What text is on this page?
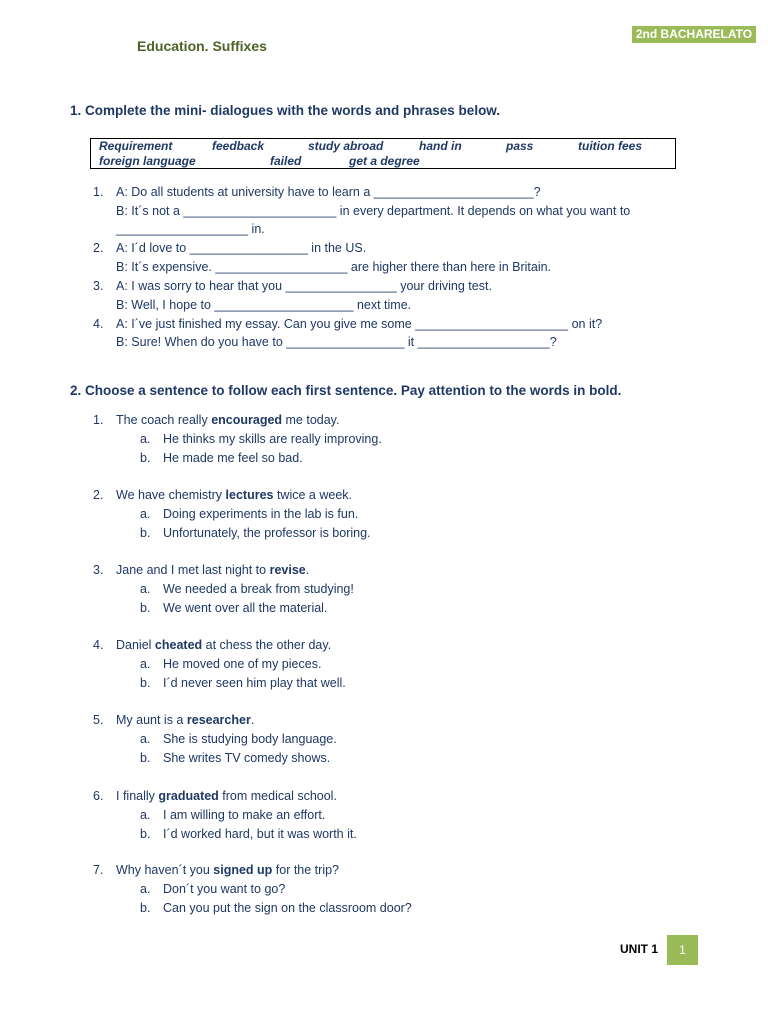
2nd BACHARELATO
Education. Suffixes
1. Complete the mini- dialogues with the words and phrases below.
Requirement	feedback	study abroad	hand in	pass	tuition fees
foreign language	failed	get a degree
1. A: Do all students at university have to learn a _______________________?
B: It´s not a ______________________ in every department. It depends on what you want to
___________________ in.
2. A: I´d love to _________________ in the US.
B: It´s expensive. ___________________ are higher there than here in Britain.
3. A: I was sorry to hear that you ________________ your driving test.
B: Well, I hope to ____________________ next time.
4. A: I´ve just finished my essay. Can you give me some ______________________ on it?
B: Sure! When do you have to _________________ it ___________________?
2. Choose a sentence to follow each first sentence. Pay attention to the words in bold.
1. The coach really encouraged me today.
a. He thinks my skills are really improving.
b. He made me feel so bad.
2. We have chemistry lectures twice a week.
a. Doing experiments in the lab is fun.
b. Unfortunately, the professor is boring.
3. Jane and I met last night to revise.
a. We needed a break from studying!
b. We went over all the material.
4. Daniel cheated at chess the other day.
a. He moved one of my pieces.
b. I´d never seen him play that well.
5. My aunt is a researcher.
a. She is studying body language.
b. She writes TV comedy shows.
6. I finally graduated from medical school.
a. I am willing to make an effort.
b. I´d worked hard, but it was worth it.
7. Why haven´t you signed up for the trip?
a. Don´t you want to go?
b. Can you put the sign on the classroom door?
UNIT 1	1
